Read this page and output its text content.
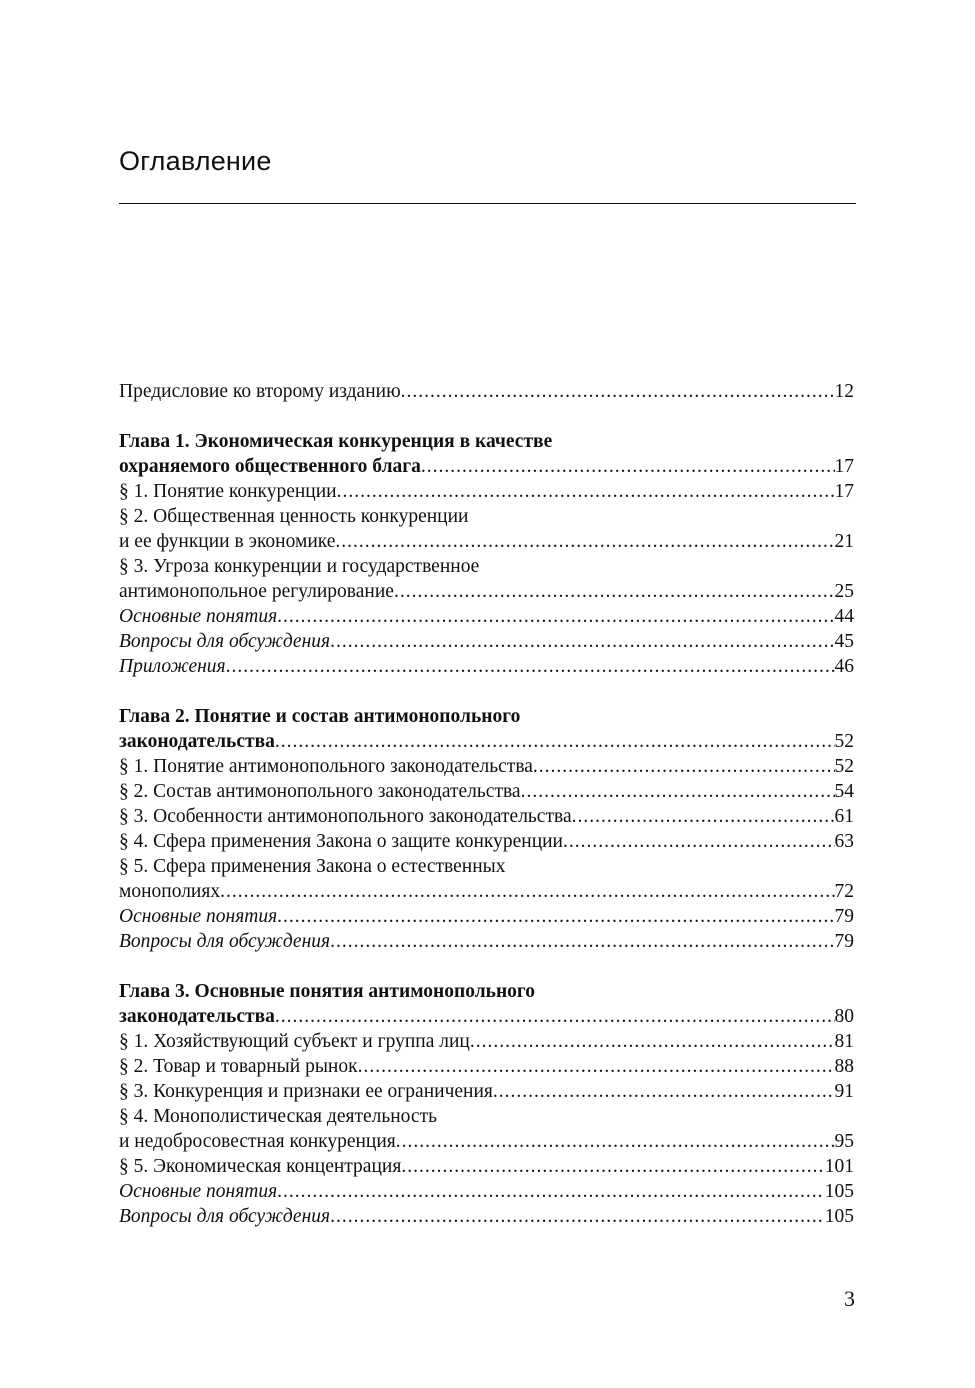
Оглавление
Предисловие ко второму изданию .....	12
Глава 1. Экономическая конкуренция в качестве
охраняемого общественного блага .....	17
§ 1. Понятие конкуренции .....	17
§ 2. Общественная ценность конкуренции
и ее функции в экономике .....	21
§ 3. Угроза конкуренции и государственное
антимонопольное регулирование .....	25
Основные понятия .....	44
Вопросы для обсуждения .....	45
Приложения .....	46
Глава 2. Понятие и состав антимонопольного
законодательства .....	52
§ 1. Понятие антимонопольного законодательства .....	52
§ 2. Состав антимонопольного законодательства .....	54
§ 3. Особенности антимонопольного законодательства .....	61
§ 4. Сфера применения Закона о защите конкуренции .....	63
§ 5. Сфера применения Закона о естественных
монополиях .....	72
Основные понятия .....	79
Вопросы для обсуждения .....	79
Глава 3. Основные понятия антимонопольного
законодательства .....	80
§ 1. Хозяйствующий субъект и группа лиц .....	81
§ 2. Товар и товарный рынок .....	88
§ 3. Конкуренция и признаки ее ограничения .....	91
§ 4. Монополистическая деятельность
и недобросовестная конкуренция .....	95
§ 5. Экономическая концентрация .....	101
Основные понятия .....	105
Вопросы для обсуждения .....	105
3
